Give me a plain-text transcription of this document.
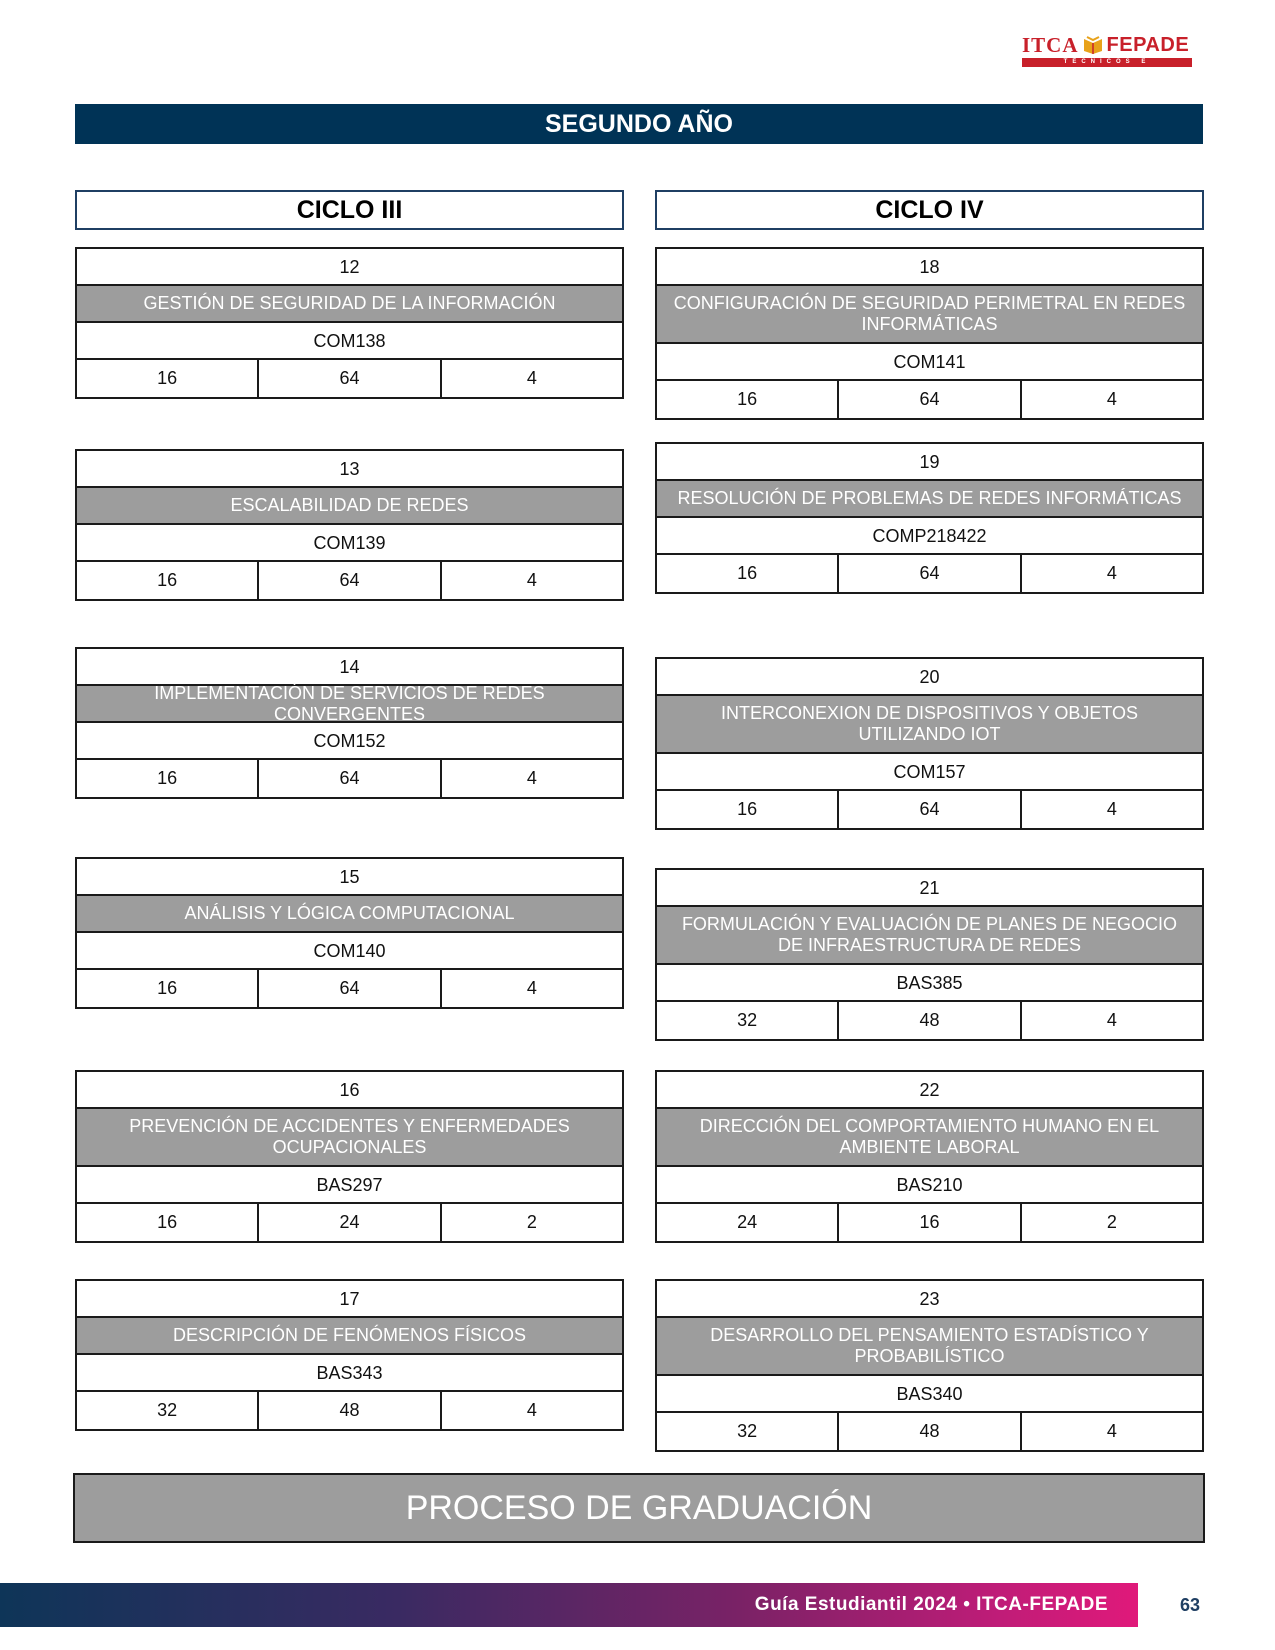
ITCA FEPADE
TÉCNICOS E INGENIEROS
SEGUNDO AÑO
CICLO III	CICLO IV
12
GESTIÓN DE SEGURIDAD DE LA INFORMACIÓN
COM138
16	64	4
13
ESCALABILIDAD DE REDES
COM139
16	64	4
14
IMPLEMENTACIÓN DE SERVICIOS DE REDES CONVERGENTES
COM152
16	64	4
15
ANÁLISIS Y LÓGICA COMPUTACIONAL
COM140
16	64	4
16
PREVENCIÓN DE ACCIDENTES Y ENFERMEDADES OCUPACIONALES
BAS297
16	24	2
17
DESCRIPCIÓN DE FENÓMENOS FÍSICOS
BAS343
32	48	4
18
CONFIGURACIÓN DE SEGURIDAD PERIMETRAL EN REDES INFORMÁTICAS
COM141
16	64	4
19
RESOLUCIÓN DE PROBLEMAS DE REDES INFORMÁTICAS
COMP218422
16	64	4
20
INTERCONEXION DE DISPOSITIVOS Y OBJETOS UTILIZANDO IOT
COM157
16	64	4
21
FORMULACIÓN Y EVALUACIÓN DE PLANES DE NEGOCIO DE INFRAESTRUCTURA DE REDES
BAS385
32	48	4
22
DIRECCIÓN DEL COMPORTAMIENTO HUMANO EN EL AMBIENTE LABORAL
BAS210
24	16	2
23
DESARROLLO DEL PENSAMIENTO ESTADÍSTICO Y PROBABILÍSTICO
BAS340
32	48	4
PROCESO DE GRADUACIÓN
Guía Estudiantil 2024 • ITCA-FEPADE	63
